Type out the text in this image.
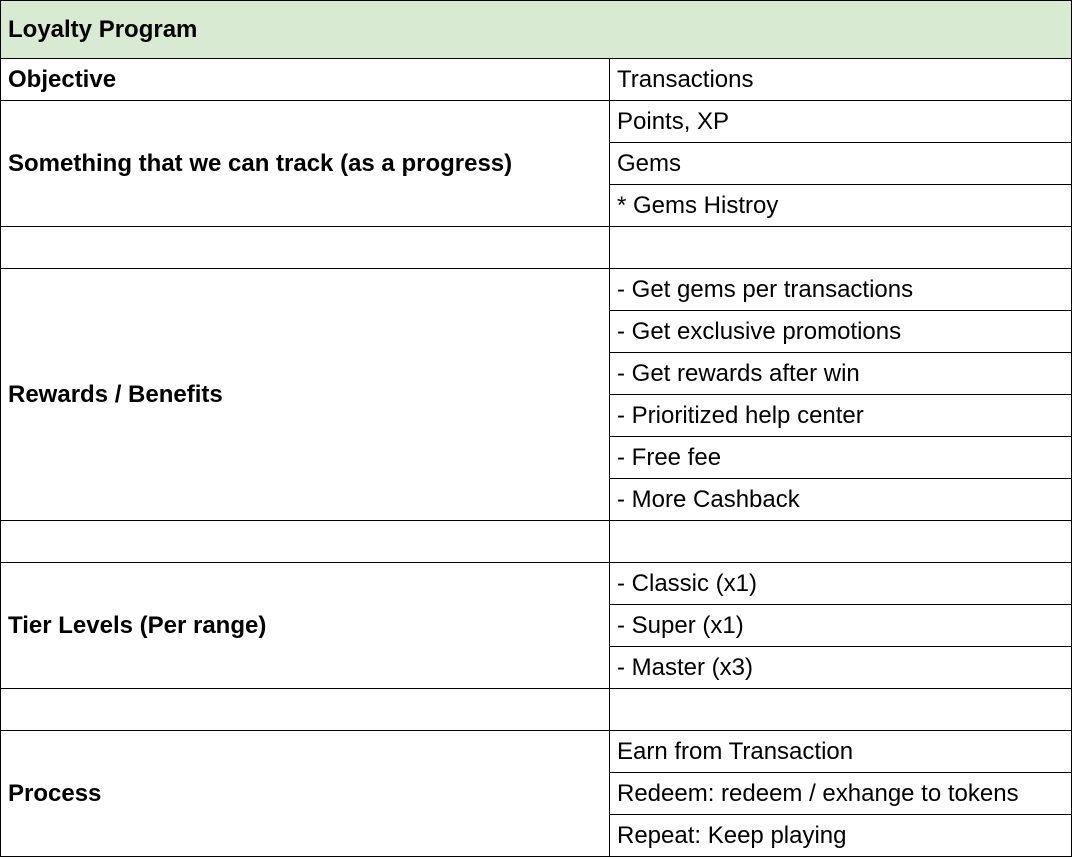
Loyalty Program	
Objective	Transactions
Something that we can track (as a progress)	Points, XP
	Gems
	* Gems Histroy

Rewards / Benefits	- Get gems per transactions
	- Get exclusive promotions
	- Get rewards after win
	- Prioritized help center
	- Free fee
	- More Cashback

Tier Levels (Per range)	- Classic (x1)
	- Super (x1)
	- Master (x3)

Process	Earn from Transaction
	Redeem: redeem / exhange to tokens
	Repeat: Keep playing
